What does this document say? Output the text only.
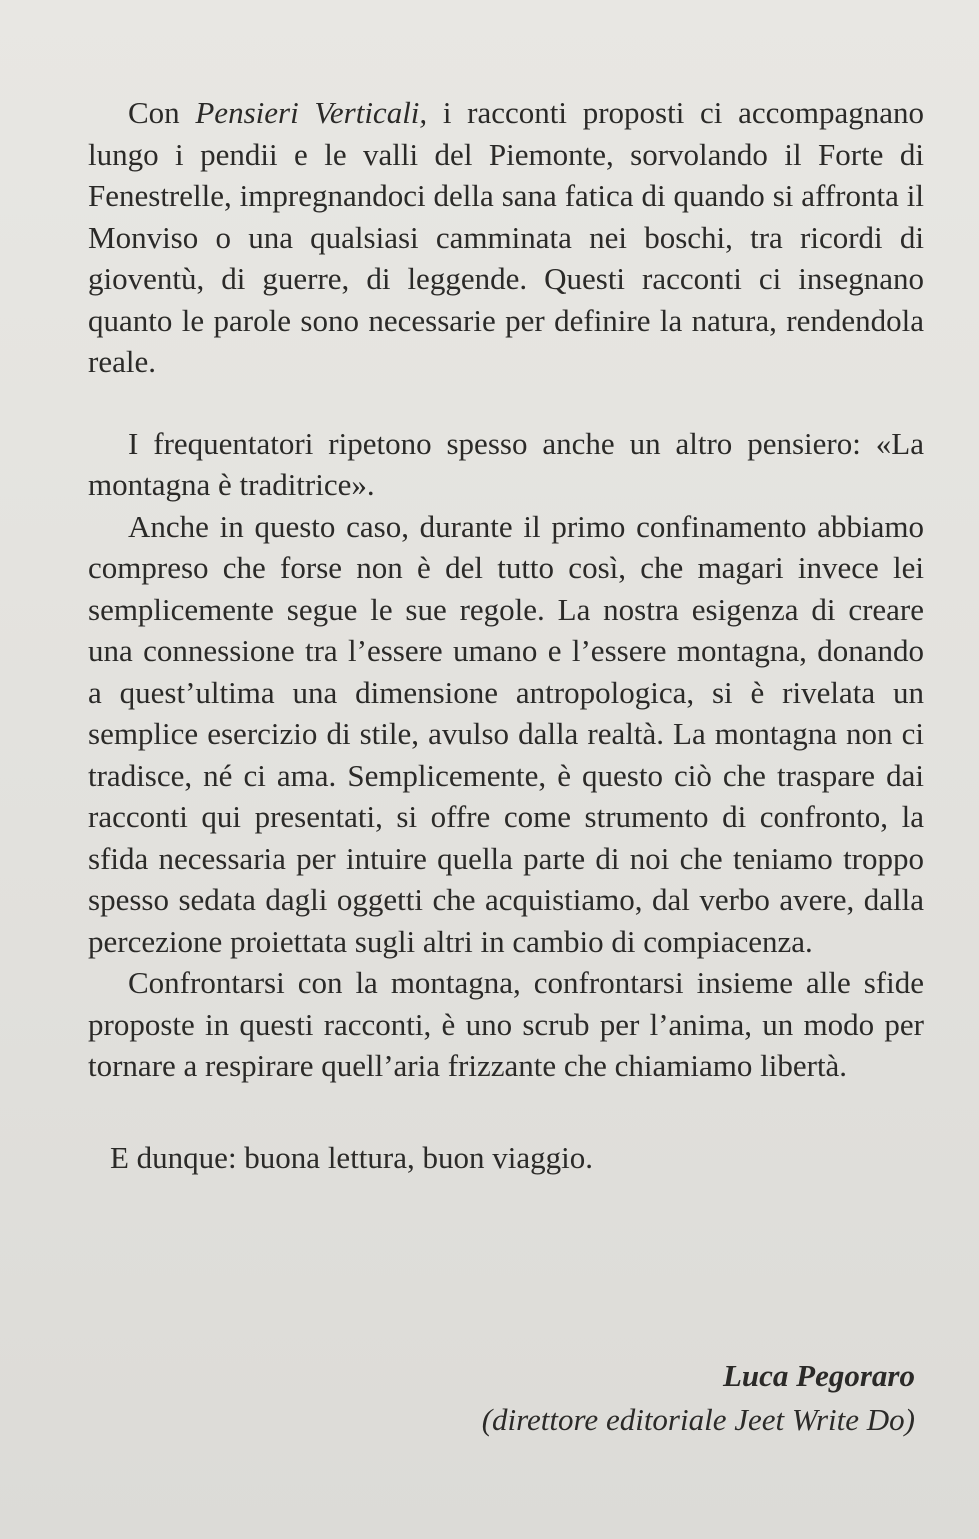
Con Pensieri Verticali, i racconti proposti ci accompagnano lungo i pendii e le valli del Piemonte, sorvolando il Forte di Fenestrelle, impregnandoci della sana fatica di quando si affronta il Monviso o una qualsiasi camminata nei boschi, tra ricordi di gioventù, di guerre, di leggende. Questi racconti ci insegnano quanto le parole sono necessarie per definire la natura, rendendola reale.

I frequentatori ripetono spesso anche un altro pensiero: «La montagna è traditrice».

Anche in questo caso, durante il primo confinamento abbiamo compreso che forse non è del tutto così, che magari invece lei semplicemente segue le sue regole. La nostra esigenza di creare una connessione tra l’essere umano e l’essere montagna, donando a quest’ultima una dimensione antropologica, si è rivelata un semplice esercizio di stile, avulso dalla realtà. La montagna non ci tradisce, né ci ama. Semplicemente, è questo ciò che traspare dai racconti qui presentati, si offre come strumento di confronto, la sfida necessaria per intuire quella parte di noi che teniamo troppo spesso sedata dagli oggetti che acquistiamo, dal verbo avere, dalla percezione proiettata sugli altri in cambio di compiacenza.

Confrontarsi con la montagna, confrontarsi insieme alle sfide proposte in questi racconti, è uno scrub per l’anima, un modo per tornare a respirare quell’aria frizzante che chiamiamo libertà.

E dunque: buona lettura, buon viaggio.

Luca Pegoraro
(direttore editoriale Jeet Write Do)
